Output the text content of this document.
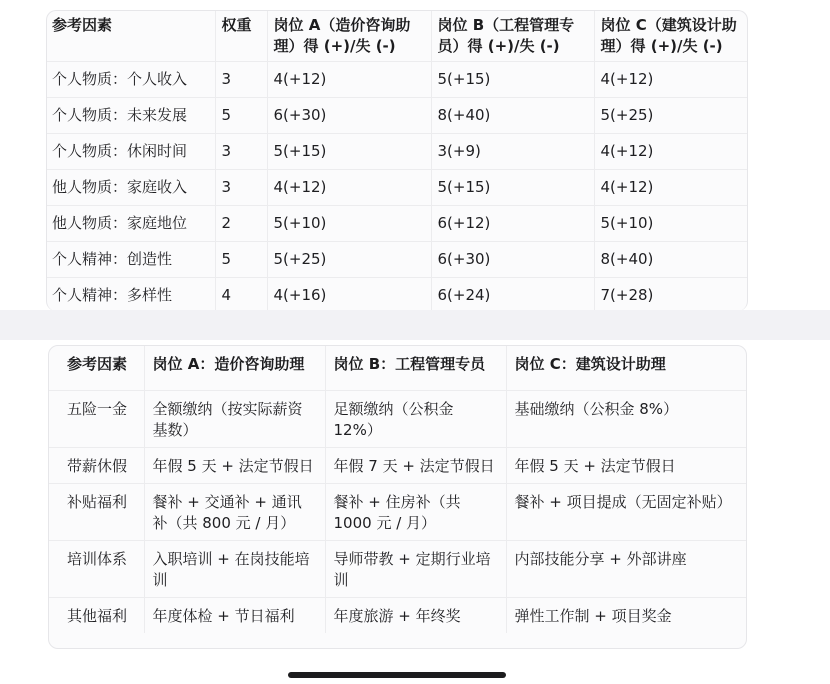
参考因素	权重	岗位 A（造价咨询助理）得 (+)/失 (-)	岗位 B（工程管理专员）得 (+)/失 (-)	岗位 C（建筑设计助理）得 (+)/失 (-)
个人物质：个人收入	3	4(+12)	5(+15)	4(+12)
个人物质：未来发展	5	6(+30)	8(+40)	5(+25)
个人物质：休闲时间	3	5(+15)	3(+9)	4(+12)
他人物质：家庭收入	3	4(+12)	5(+15)	4(+12)
他人物质：家庭地位	2	5(+10)	6(+12)	5(+10)
个人精神：创造性	5	5(+25)	6(+30)	8(+40)
个人精神：多样性	4	4(+16)	6(+24)	7(+28)
参考因素	岗位 A：造价咨询助理	岗位 B：工程管理专员	岗位 C：建筑设计助理
五险一金	全额缴纳（按实际薪资基数）	足额缴纳（公积金 12%）	基础缴纳（公积金 8%）
带薪休假	年假 5 天 + 法定节假日	年假 7 天 + 法定节假日	年假 5 天 + 法定节假日
补贴福利	餐补 + 交通补 + 通讯补（共 800 元 / 月）	餐补 + 住房补（共 1000 元 / 月）	餐补 + 项目提成（无固定补贴）
培训体系	入职培训 + 在岗技能培训	导师带教 + 定期行业培训	内部技能分享 + 外部讲座
其他福利	年度体检 + 节日福利	年度旅游 + 年终奖	弹性工作制 + 项目奖金
